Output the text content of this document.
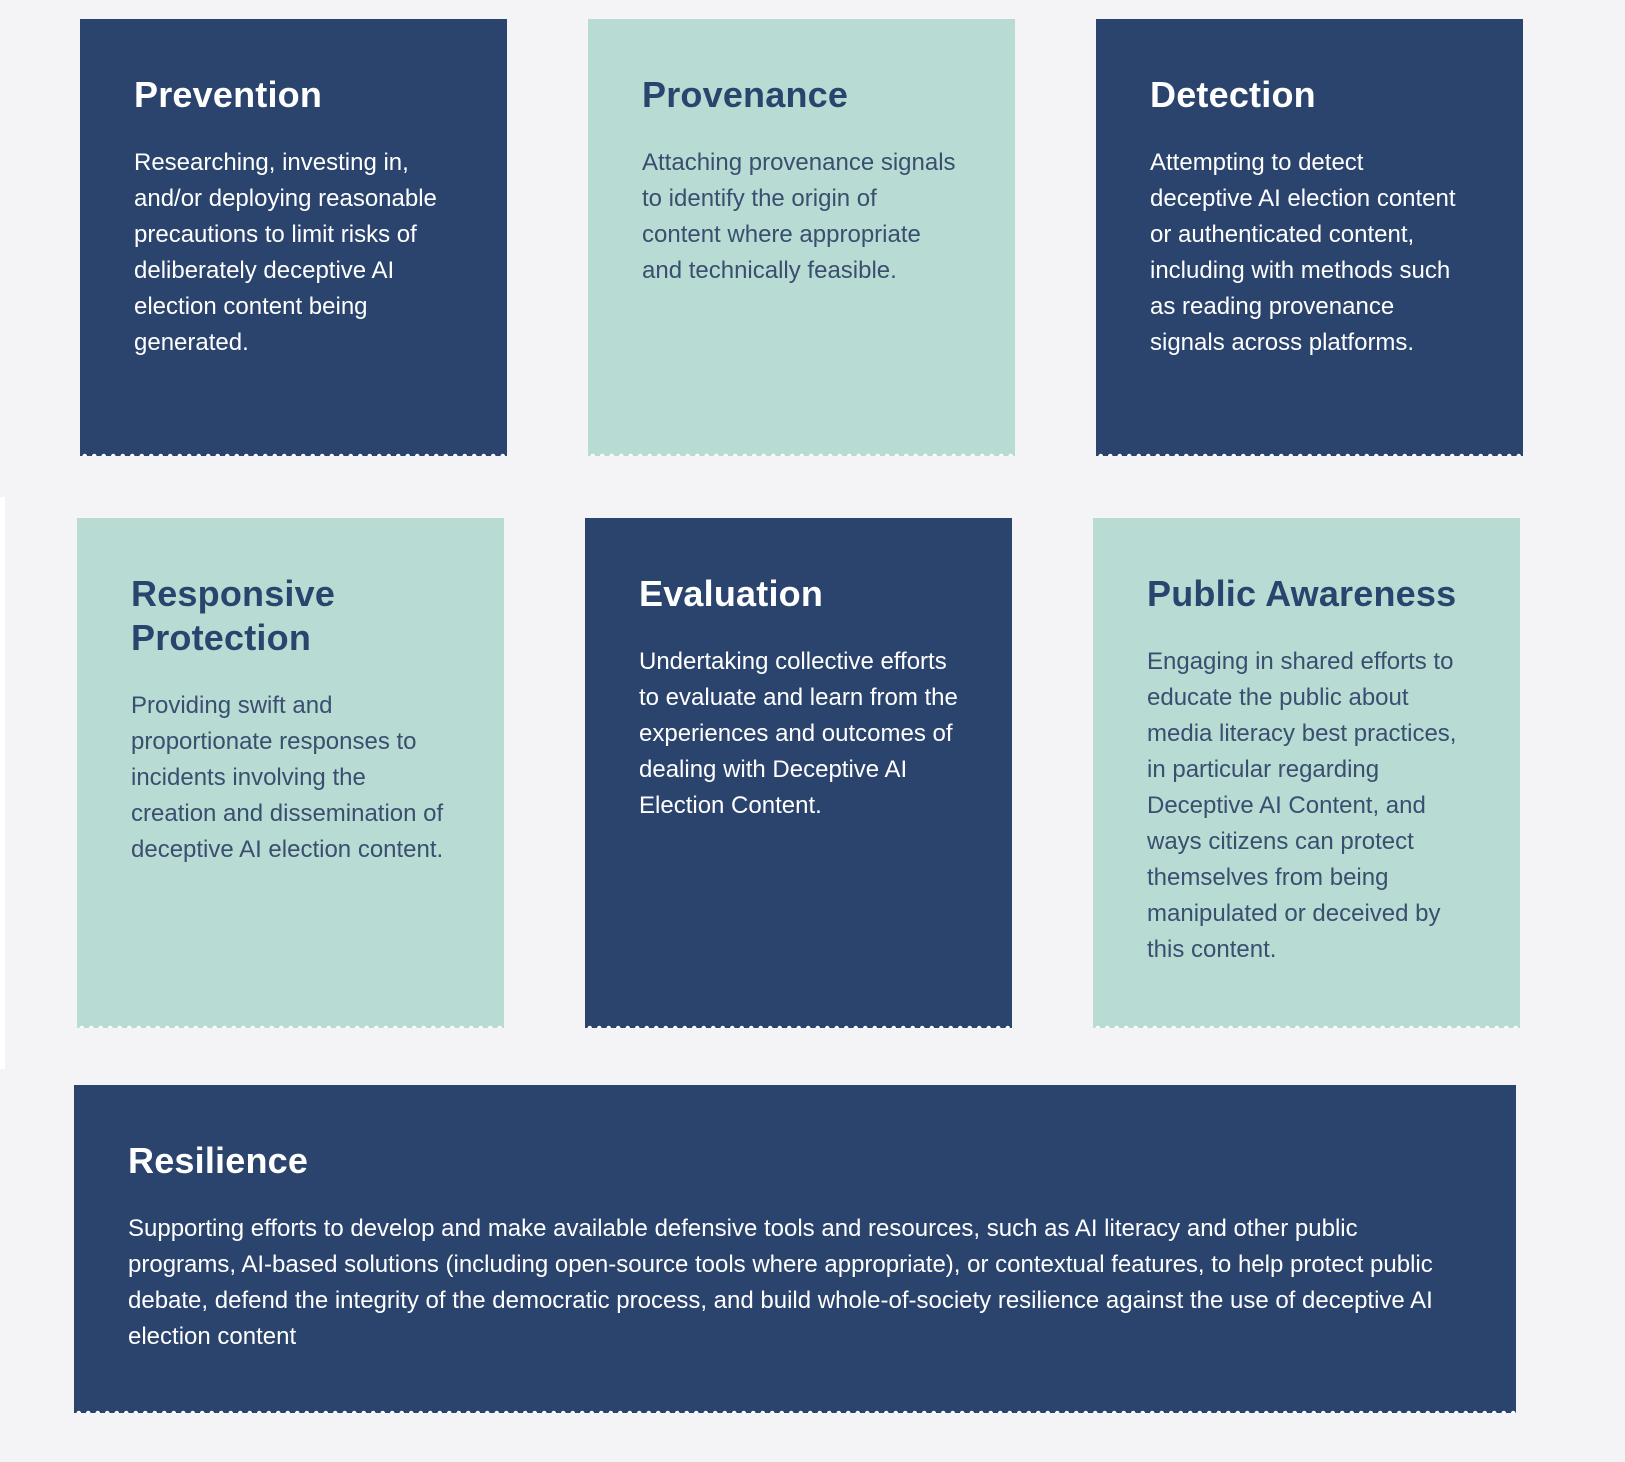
Prevention

Researching, investing in, and/or deploying reasonable precautions to limit risks of deliberately deceptive AI election content being generated.

Provenance

Attaching provenance signals to identify the origin of content where appropriate and technically feasible.

Detection

Attempting to detect deceptive AI election content or authenticated content, including with methods such as reading provenance signals across platforms.

Responsive Protection

Providing swift and proportionate responses to incidents involving the creation and dissemination of deceptive AI election content.

Evaluation

Undertaking collective efforts to evaluate and learn from the experiences and outcomes of dealing with Deceptive AI Election Content.

Public Awareness

Engaging in shared efforts to educate the public about media literacy best practices, in particular regarding Deceptive AI Content, and ways citizens can protect themselves from being manipulated or deceived by this content.

Resilience

Supporting efforts to develop and make available defensive tools and resources, such as AI literacy and other public programs, AI-based solutions (including open-source tools where appropriate), or contextual features, to help protect public debate, defend the integrity of the democratic process, and build whole-of-society resilience against the use of deceptive AI election content
